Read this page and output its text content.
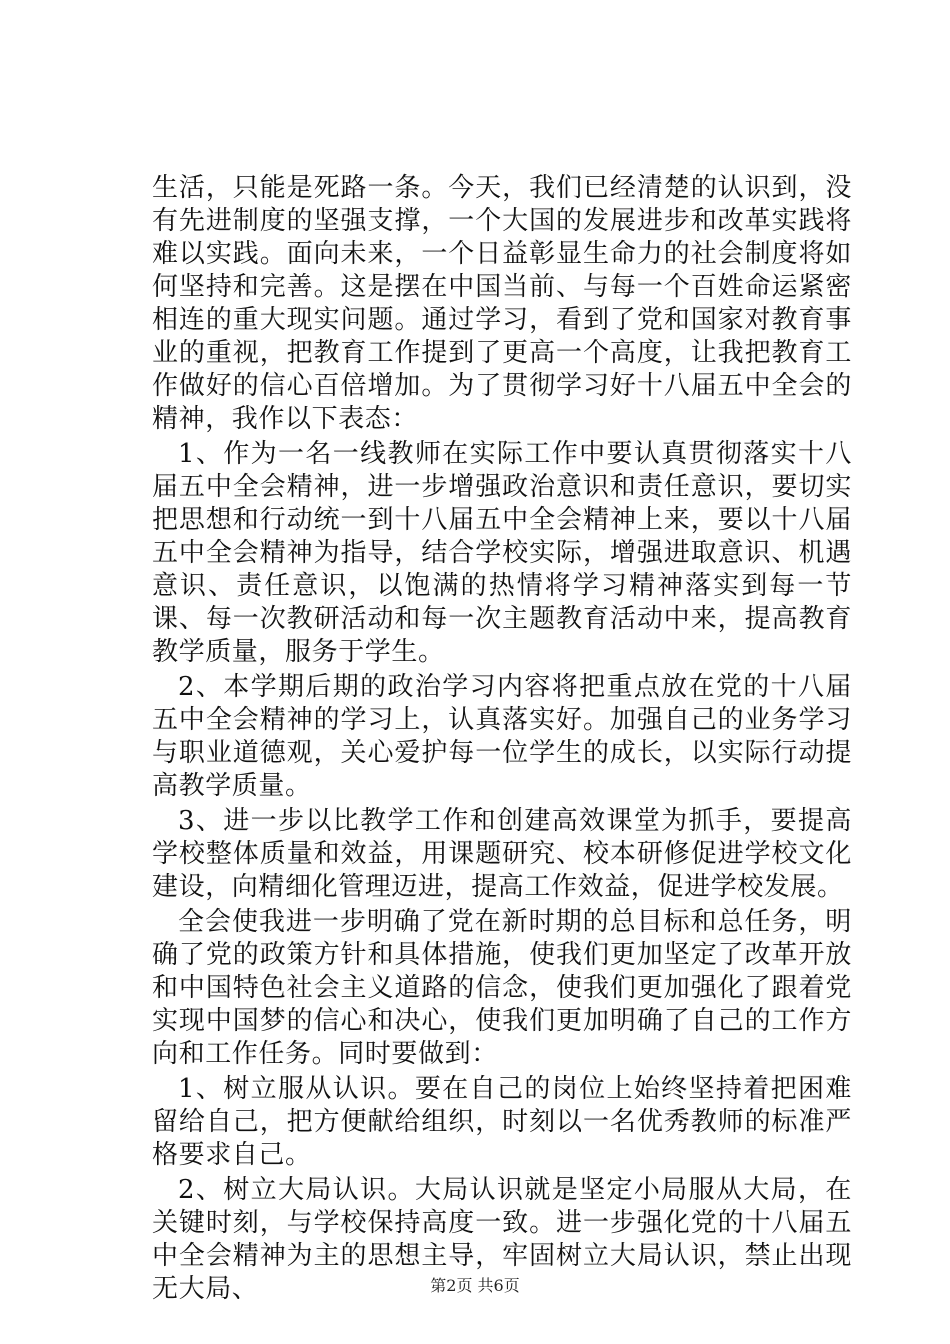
生活，只能是死路一条。今天，我们已经清楚的认识到，没有先进制度的坚强支撑，一个大国的发展进步和改革实践将难以实践。面向未来，一个日益彰显生命力的社会制度将如何坚持和完善。这是摆在中国当前、与每一个百姓命运紧密相连的重大现实问题。通过学习，看到了党和国家对教育事业的重视，把教育工作提到了更高一个高度，让我把教育工作做好的信心百倍增加。为了贯彻学习好十八届五中全会的精神，我作以下表态：

1、作为一名一线教师在实际工作中要认真贯彻落实十八届五中全会精神，进一步增强政治意识和责任意识，要切实把思想和行动统一到十八届五中全会精神上来，要以十八届五中全会精神为指导，结合学校实际，增强进取意识、机遇意识、责任意识，以饱满的热情将学习精神落实到每一节课、每一次教研活动和每一次主题教育活动中来，提高教育教学质量，服务于学生。

2、本学期后期的政治学习内容将把重点放在党的十八届五中全会精神的学习上，认真落实好。加强自己的业务学习与职业道德观，关心爱护每一位学生的成长，以实际行动提高教学质量。

3、进一步以比教学工作和创建高效课堂为抓手，要提高学校整体质量和效益，用课题研究、校本研修促进学校文化建设，向精细化管理迈进，提高工作效益，促进学校发展。

全会使我进一步明确了党在新时期的总目标和总任务，明确了党的政策方针和具体措施，使我们更加坚定了改革开放和中国特色社会主义道路的信念，使我们更加强化了跟着党实现中国梦的信心和决心，使我们更加明确了自己的工作方向和工作任务。同时要做到：

1、树立服从认识。要在自己的岗位上始终坚持着把困难留给自己，把方便献给组织，时刻以一名优秀教师的标准严格要求自己。

2、树立大局认识。大局认识就是坚定小局服从大局，在关键时刻，与学校保持高度一致。进一步强化党的十八届五中全会精神为主的思想主导，牢固树立大局认识，禁止出现无大局、	第2页 共6页
